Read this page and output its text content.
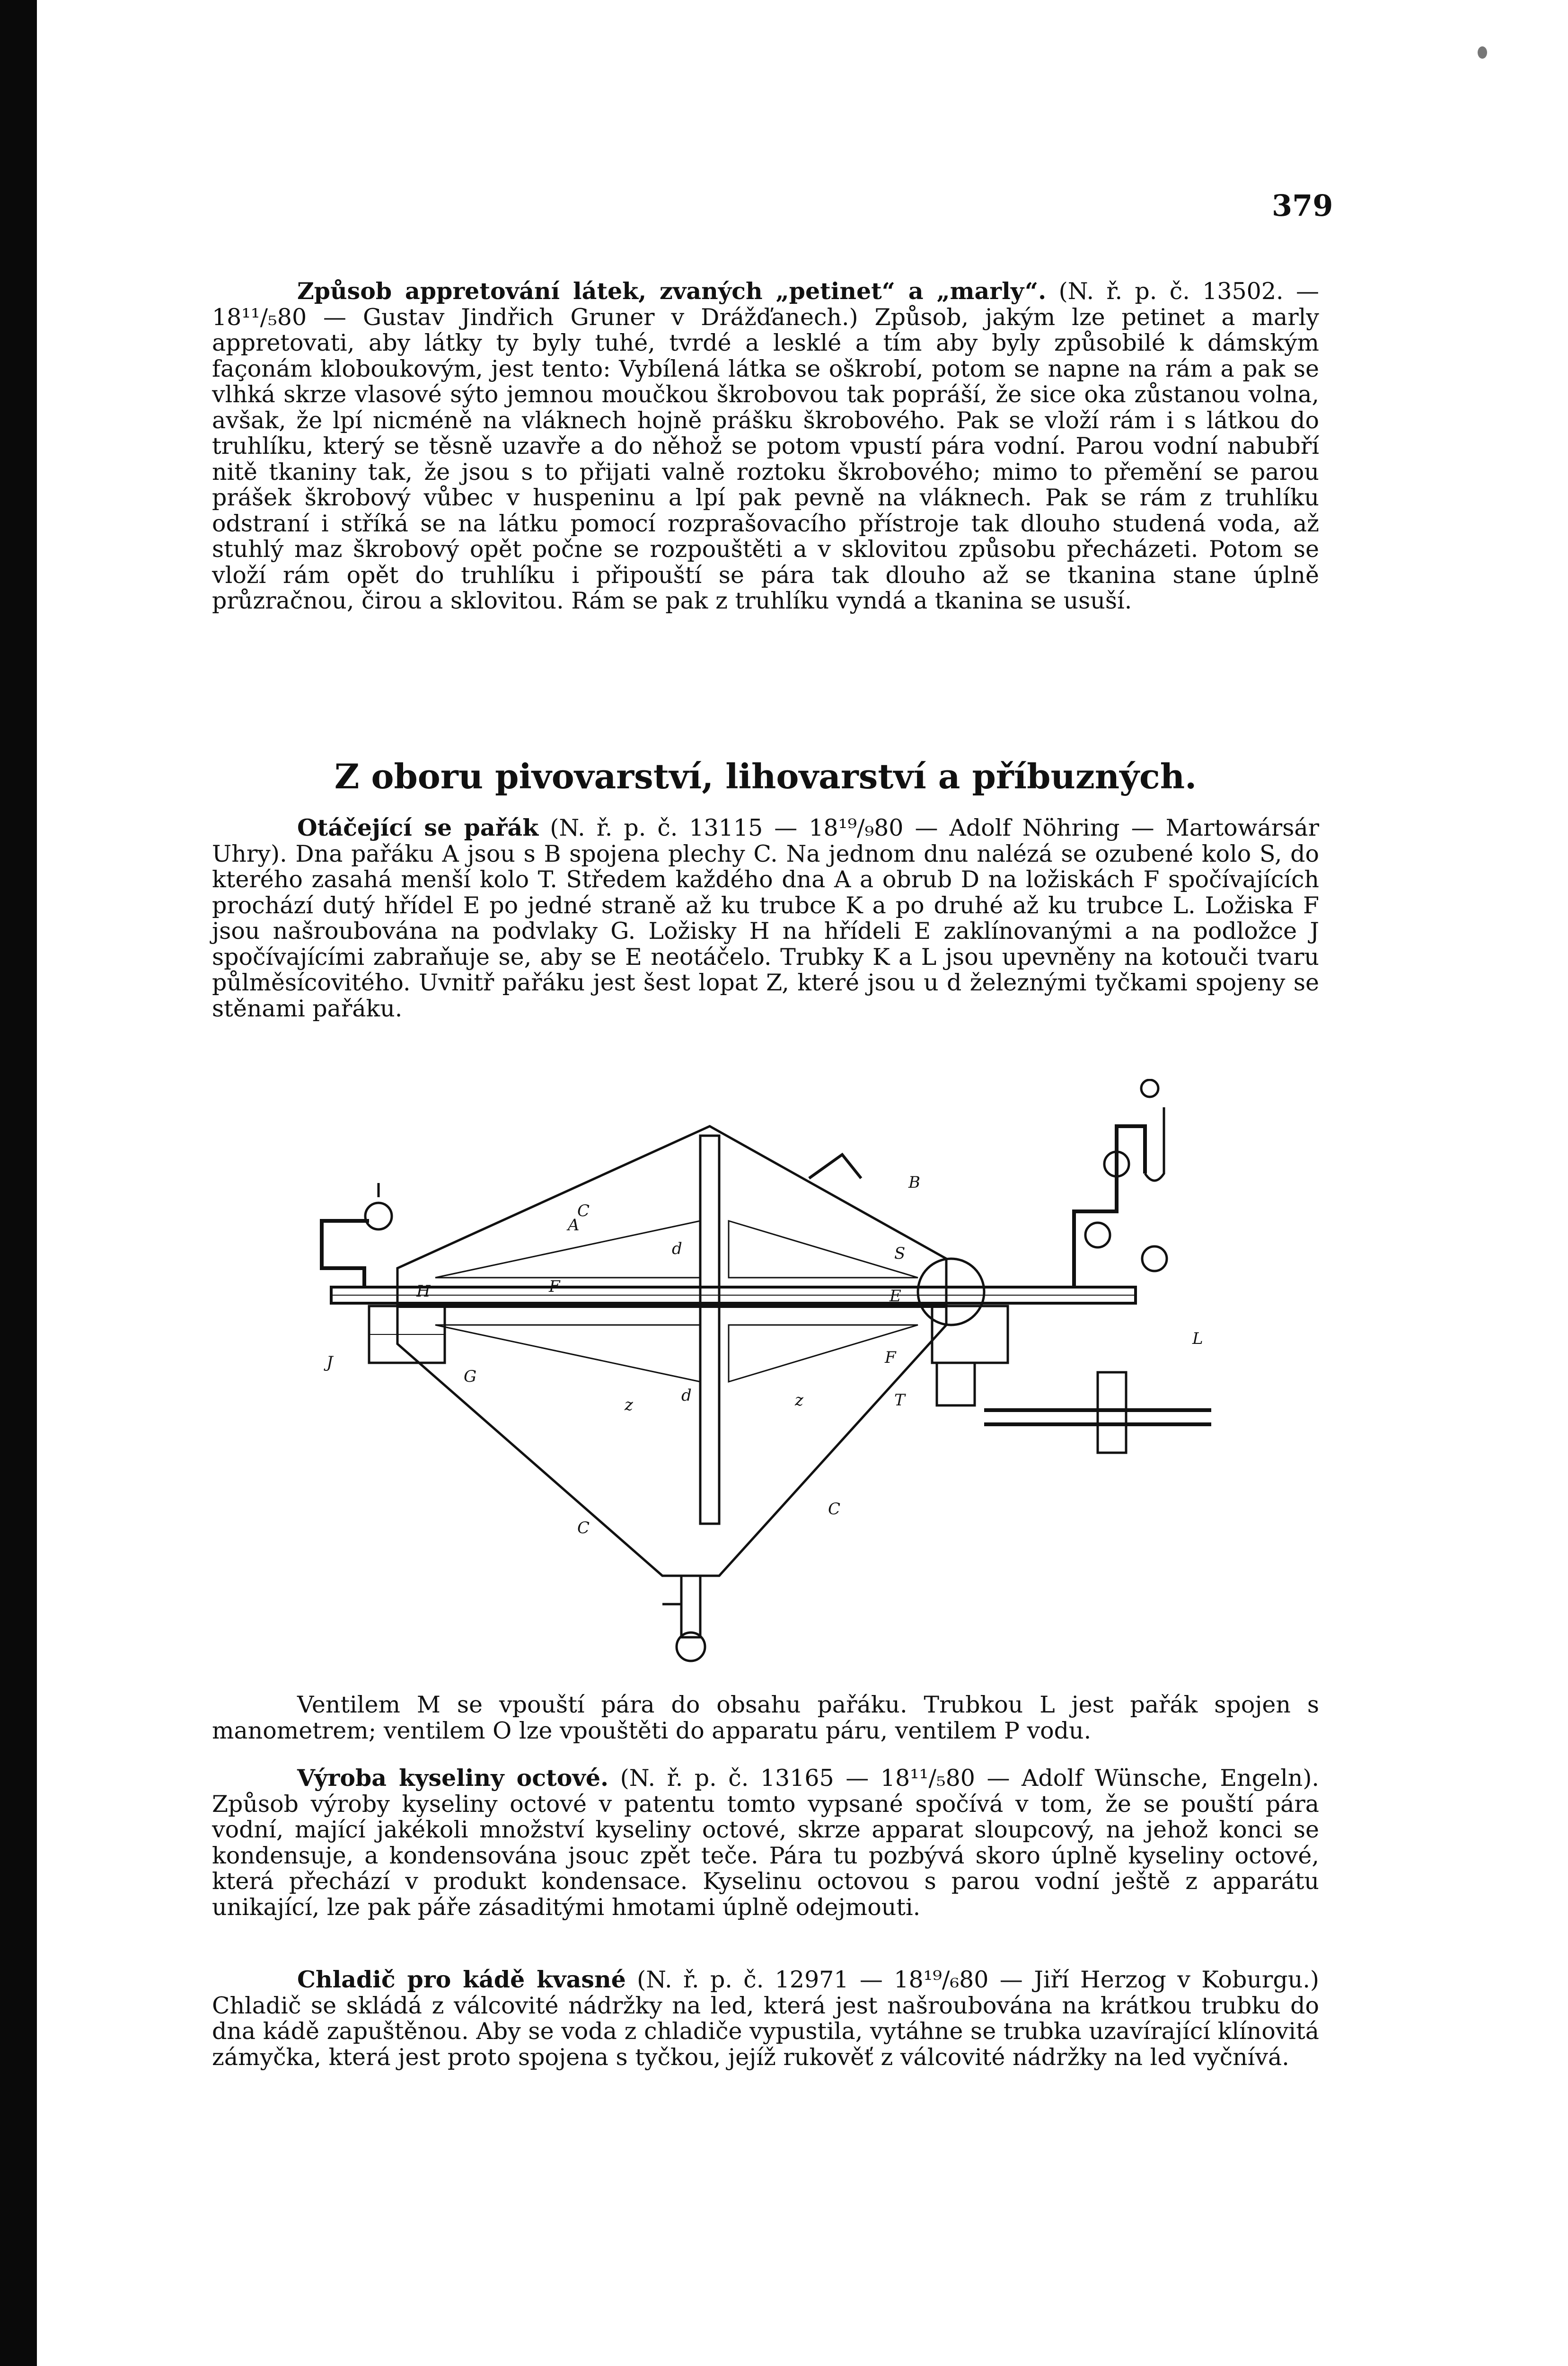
379

Způsob appretování látek, zvaných „petinet“ a „marly“. (N. ř. p. č. 13502. — 18¹¹/₅80 — Gustav Jindřich Gruner v Drážďanech.) Způsob, jakým lze petinet a marly appretovati, aby látky ty byly tuhé, tvrdé a lesklé a tím aby byly způsobilé k dámským façonám kloboukovým, jest tento: Vybílená látka se oškrobí, potom se napne na rám a pak se vlhká skrze vlasové sýto jemnou moučkou škrobovou tak popráší, že sice oka zůstanou volna, avšak, že lpí nicméně na vláknech hojně prášku škrobového. Pak se vloží rám i s látkou do truhlíku, který se těsně uzavře a do něhož se potom vpustí pára vodní. Parou vodní nabubří nitě tkaniny tak, že jsou s to přijati valně roztoku škrobového; mimo to přemění se parou prášek škrobový vůbec v huspeninu a lpí pak pevně na vláknech. Pak se rám z truhlíku odstraní i stříká se na látku pomocí rozprašovacího přístroje tak dlouho studená voda, až stuhlý maz škrobový opět počne se rozpouštěti a v sklovitou způsobu přecházeti. Potom se vloží rám opět do truhlíku i připouští se pára tak dlouho až se tkanina stane úplně průzračnou, čirou a sklovitou. Rám se pak z truhlíku vyndá a tkanina se usuší.

Z oboru pivovarství, lihovarství a příbuzných.

Otáčející se pařák (N. ř. p. č. 13115 — 18¹⁹/₉80 — Adolf Nöhring — Martowársár Uhry). Dna pařáku A jsou s B spojena plechy C. Na jednom dnu nalézá se ozubené kolo S, do kterého zasahá menší kolo T. Středem každého dna A a obrub D na ložiskách F spočívajících prochází dutý hřídel E po jedné straně až ku trubce K a po druhé až ku trubce L. Ložiska F jsou našroubována na podvlaky G. Ložisky H na hřídeli E zaklínovanými a na podložce J spočívajícími zabraňuje se, aby se E neotáčelo. Trubky K a L jsou upevněny na kotouči tvaru půlměsícovitého. Uvnitř pařáku jest šest lopat Z, které jsou u d železnými tyčkami spojeny se stěnami pařáku.

C
B
S
F	E
F
H
J
G
T
C
C
A
d	z
z
d
L

Ventilem M se vpouští pára do obsahu pařáku. Trubkou L jest pařák spojen s manometrem; ventilem O lze vpouštěti do apparatu páru, ventilem P vodu.

Výroba kyseliny octové. (N. ř. p. č. 13165 — 18¹¹/₅80 — Adolf Wünsche, Engeln). Způsob výroby kyseliny octové v patentu tomto vypsané spočívá v tom, že se pouští pára vodní, mající jakékoli množství kyseliny octové, skrze apparat sloupcový, na jehož konci se kondensuje, a kondensována jsouc zpět teče. Pára tu pozbývá skoro úplně kyseliny octové, která přechází v produkt kondensace. Kyselinu octovou s parou vodní ještě z apparátu unikající, lze pak páře zásaditými hmotami úplně odejmouti.

Chladič pro kádě kvasné (N. ř. p. č. 12971 — 18¹⁹/₆80 — Jiří Herzog v Koburgu.) Chladič se skládá z válcovité nádržky na led, která jest našroubována na krátkou trubku do dna kádě zapuštěnou. Aby se voda z chladiče vypustila, vytáhne se trubka uzavírající klínovitá zámyčka, která jest proto spojena s tyčkou, jejíž rukověť z válcovité nádržky na led vyčnívá.
